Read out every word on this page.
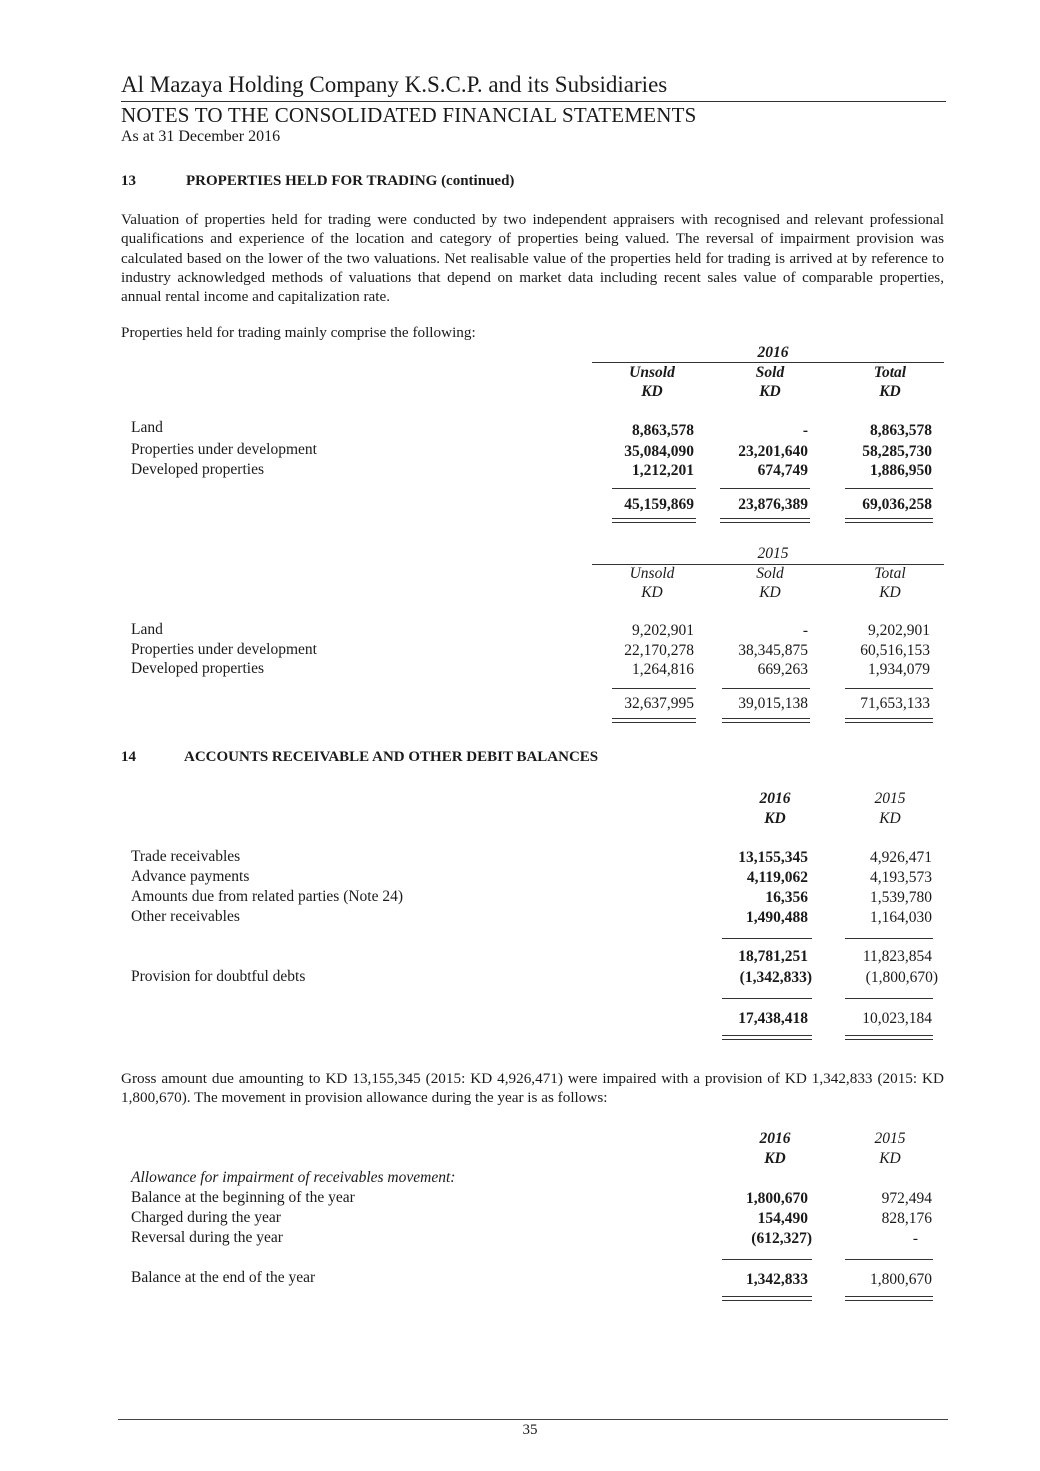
Al Mazaya Holding Company K.S.C.P. and its Subsidiaries
NOTES TO THE CONSOLIDATED FINANCIAL STATEMENTS
As at 31 December 2016
13	PROPERTIES HELD FOR TRADING (continued)
Valuation of properties held for trading were conducted by two independent appraisers with recognised and relevant professional qualifications and experience of the location and category of properties being valued. The reversal of impairment provision was calculated based on the lower of the two valuations. Net realisable value of the properties held for trading is arrived at by reference to industry acknowledged methods of valuations that depend on market data including recent sales value of comparable properties, annual rental income and capitalization rate.
Properties held for trading mainly comprise the following:
2016
Unsold
KD
Sold
KD
Total
KD
Land	8,863,578	-	8,863,578
Properties under development	35,084,090	23,201,640	58,285,730
Developed properties	1,212,201	674,749	1,886,950
45,159,869	23,876,389	69,036,258
2015
Unsold
KD
Sold
KD
Total
KD
Land	9,202,901	-	9,202,901
Properties under development	22,170,278	38,345,875	60,516,153
Developed properties	1,264,816	669,263	1,934,079
32,637,995	39,015,138	71,653,133
14	ACCOUNTS RECEIVABLE AND OTHER DEBIT BALANCES
2016
KD
2015
KD
Trade receivables	13,155,345	4,926,471
Advance payments	4,119,062	4,193,573
Amounts due from related parties (Note 24)	16,356	1,539,780
Other receivables	1,490,488	1,164,030
18,781,251	11,823,854
Provision for doubtful debts	(1,342,833)	(1,800,670)
17,438,418	10,023,184
Gross amount due amounting to KD 13,155,345 (2015: KD 4,926,471) were impaired with a provision of KD 1,342,833 (2015: KD 1,800,670). The movement in provision allowance during the year is as follows:
2016
KD
2015
KD
Allowance for impairment of receivables movement:
Balance at the beginning of the year	1,800,670	972,494
Charged during the year	154,490	828,176
Reversal during the year	(612,327)	-
Balance at the end of the year	1,342,833	1,800,670
35
